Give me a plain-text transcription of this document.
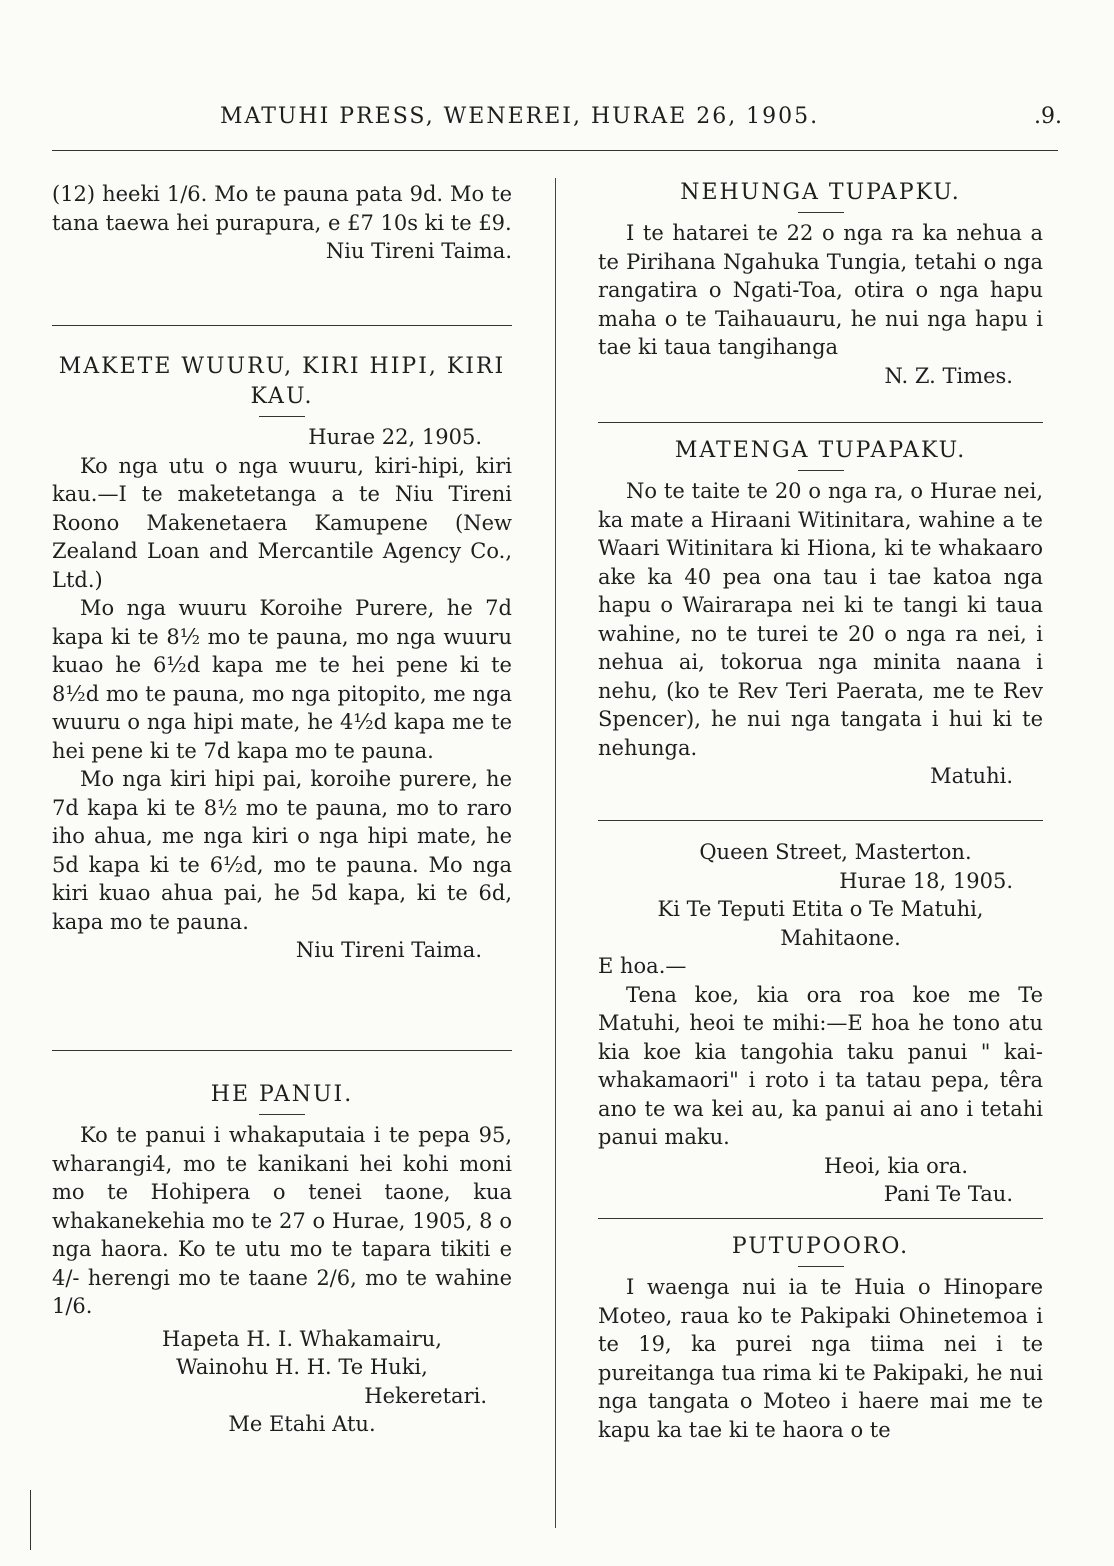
MATUHI PRESS, WENEREI, HURAE 26, 1905.	.9.

(12) heeki 1/6. Mo te pauna pata 9d. Mo te tana taewa hei purapura, e £7 10s ki te £9.

Niu Tireni Taima.

MAKETE WUURU, KIRI HIPI, KIRI KAU.

Hurae 22, 1905.

Ko nga utu o nga wuuru, kiri-hipi, kiri kau.—I te maketetanga a te Niu Tireni Roono Makenetaera Kamupene (New Zealand Loan and Mercantile Agency Co., Ltd.)

Mo nga wuuru Koroihe Purere, he 7d kapa ki te 8½ mo te pauna, mo nga wuuru kuao he 6½d kapa me te hei pene ki te 8½d mo te pauna, mo nga pitopito, me nga wuuru o nga hipi mate, he 4½d kapa me te hei pene ki te 7d kapa mo te pauna.

Mo nga kiri hipi pai, koroihe purere, he 7d kapa ki te 8½ mo te pauna, mo to raro iho ahua, me nga kiri o nga hipi mate, he 5d kapa ki te 6½d, mo te pauna. Mo nga kiri kuao ahua pai, he 5d kapa, ki te 6d, kapa mo te pauna.

Niu Tireni Taima.

HE PANUI.

Ko te panui i whakaputaia i te pepa 95, wharangi4, mo te kanikani hei kohi moni mo te Hohipera o tenei taone, kua whakanekehia mo te 27 o Hurae, 1905, 8 o nga haora. Ko te utu mo te tapara tikiti e 4/- herengi mo te taane 2/6, mo te wahine 1/6.

Hapeta H. I. Whakamairu,

Wainohu H. H. Te Huki,

Hekeretari.

Me Etahi Atu.

NEHUNGA TUPAPKU.

I te hatarei te 22 o nga ra ka nehua a te Pirihana Ngahuka Tungia, tetahi o nga rangatira o Ngati-Toa, otira o nga hapu maha o te Taihauauru, he nui nga hapu i tae ki taua tangihanga

N. Z. Times.

MATENGA TUPAPAKU.

No te taite te 20 o nga ra, o Hurae nei, ka mate a Hiraani Witinitara, wahine a te Waari Witinitara ki Hiona, ki te whakaaro ake ka 40 pea ona tau i tae katoa nga hapu o Wairarapa nei ki te tangi ki taua wahine, no te turei te 20 o nga ra nei, i nehua ai, tokorua nga minita naana i nehu, (ko te Rev Teri Paerata, me te Rev Spencer), he nui nga tangata i hui ki te nehunga.

Matuhi.

Queen Street, Masterton.

Hurae 18, 1905.

Ki Te Teputi Etita o Te Matuhi,

Mahitaone.

E hoa.—

Tena koe, kia ora roa koe me Te Matuhi, heoi te mihi:—E hoa he tono atu kia koe kia tangohia taku panui " kai-whakamaori" i roto i ta tatau pepa, têra ano te wa kei au, ka panui ai ano i tetahi panui maku.

Heoi, kia ora.

Pani Te Tau.

PUTUPOORO.

I waenga nui ia te Huia o Hinopare Moteo, raua ko te Pakipaki Ohinetemoa i te 19, ka purei nga tiima nei i te pureitanga tua rima ki te Pakipaki, he nui nga tangata o Moteo i haere mai me te kapu ka tae ki te haora o te
